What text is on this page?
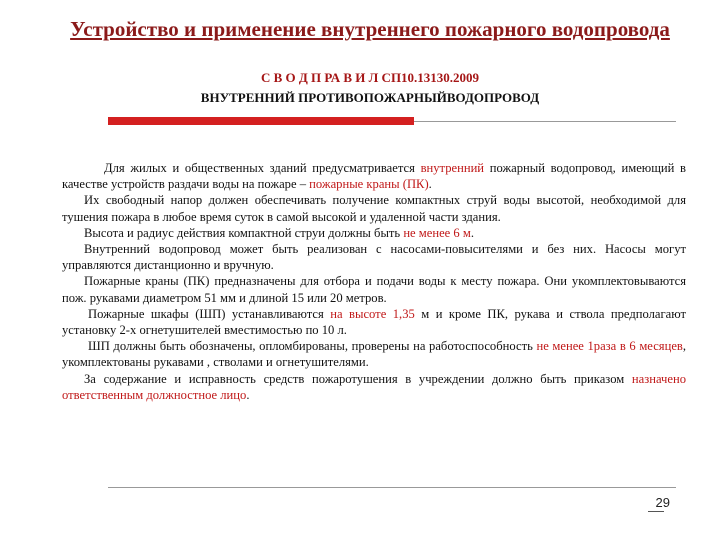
Устройство и применение внутреннего пожарного водопровода
С В О Д П РА В И Л СП10.13130.2009
ВНУТРЕННИЙ ПРОТИВОПОЖАРНЫЙВОДОПРОВОД

Для жилых и общественных зданий предусматривается внутренний пожарный водопровод, имеющий в качестве устройств раздачи воды на пожаре – пожарные краны (ПК).

Их свободный напор должен обеспечивать получение компактных струй воды высотой, необходимой для тушения пожара в любое время суток в самой высокой и удаленной части здания.

Высота и радиус действия компактной струи должны быть не менее 6 м.

Внутренний водопровод может быть реализован с насосами-повысителями и без них. Насосы могут управляются дистанционно и вручную.

Пожарные краны (ПК) предназначены для отбора и подачи воды к месту пожара. Они укомплектовываются пож. рукавами диаметром 51 мм и длиной 15 или 20 метров.

Пожарные шкафы (ШП) устанавливаются на высоте 1,35 м и кроме ПК, рукава и ствола предполагают установку 2-х огнетушителей вместимостью по 10 л.

ШП должны быть обозначены, опломбированы, проверены на работоспособность не менее 1раза в 6 месяцев, укомплектованы рукавами , стволами и огнетушителями.

За содержание и исправность средств пожаротушения в учреждении должно быть приказом назначено ответственным должностное лицо.

29
